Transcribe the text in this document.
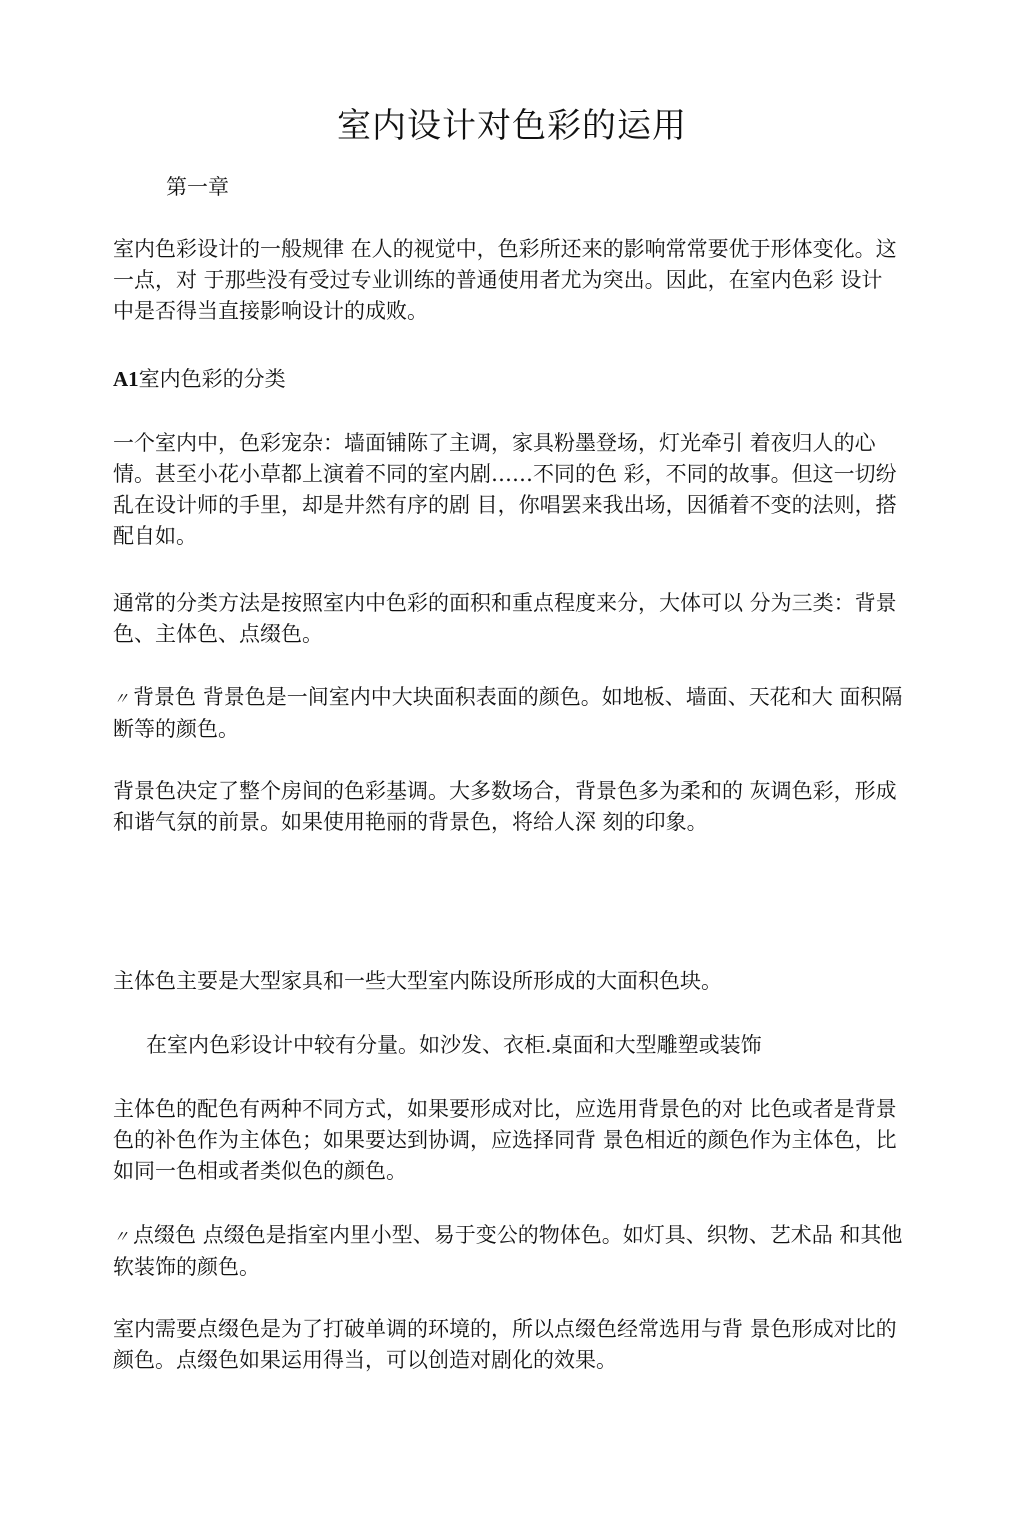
室内设计对色彩的运用

第一章

室内色彩设计的一般规律 在人的视觉中，色彩所还来的影响常常要优于形体变化。这一点，对 于那些没有受过专业训练的普通使用者尤为突出。因此，在室内色彩 设计中是否得当直接影响设计的成败。

A1室内色彩的分类

一个室内中，色彩宠杂：墙面铺陈了主调，家具粉墨登场，灯光牵引 着夜归人的心情。甚至小花小草都上演着不同的室内剧……不同的色 彩，不同的故事。但这一切纷乱在设计师的手里，却是井然有序的剧 目，你唱罢来我出场，因循着不变的法则，搭配自如。

通常的分类方法是按照室内中色彩的面积和重点程度来分，大体可以 分为三类：背景色、主体色、点缀色。

〃 背景色 背景色是一间室内中大块面积表面的颜色。如地板、墙面、天花和大 面积隔断等的颜色。

背景色决定了整个房间的色彩基调。大多数场合，背景色多为柔和的 灰调色彩，形成和谐气氛的前景。如果使用艳丽的背景色，将给人深 刻的印象。

主体色主要是大型家具和一些大型室内陈设所形成的大面积色块。

在室内色彩设计中较有分量。如沙发、衣柜.桌面和大型雕塑或装饰

主体色的配色有两种不同方式，如果要形成对比，应选用背景色的对 比色或者是背景色的补色作为主体色；如果要达到协调，应选择同背 景色相近的颜色作为主体色，比如同一色相或者类似色的颜色。

〃 点缀色 点缀色是指室内里小型、易于变公的物体色。如灯具、织物、艺术品 和其他软装饰的颜色。

室内需要点缀色是为了打破单调的环境的，所以点缀色经常选用与背 景色形成对比的颜色。点缀色如果运用得当，可以创造对剧化的效果。
